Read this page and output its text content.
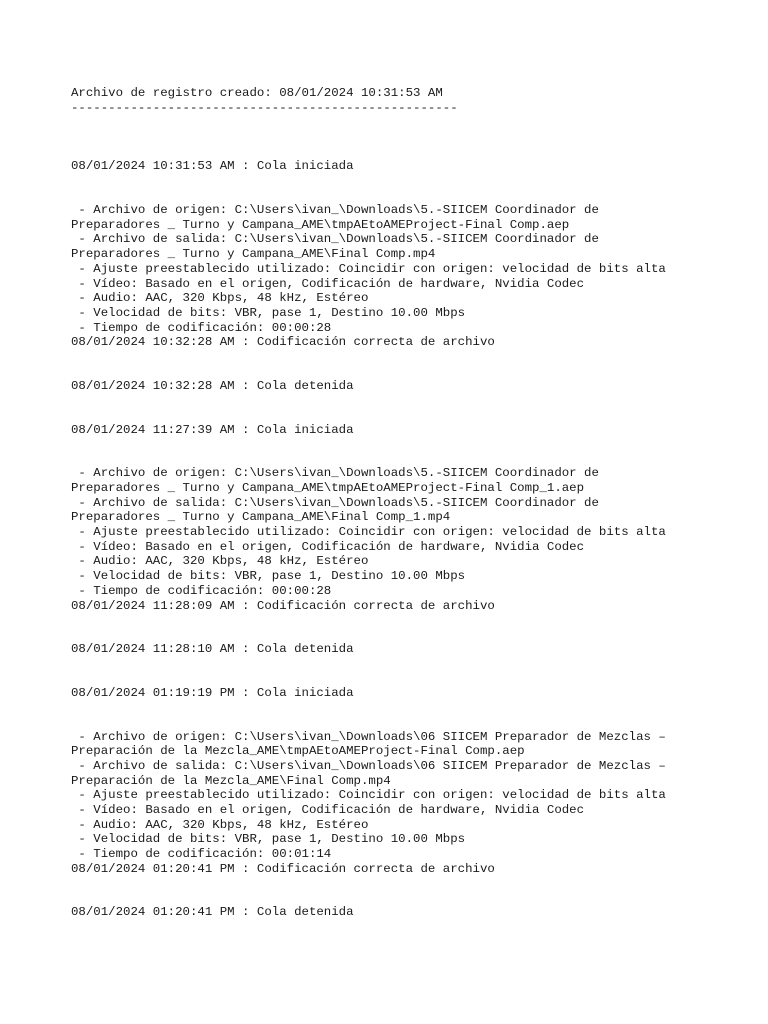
Archivo de registro creado: 08/01/2024 10:31:53 AM
----------------------------------------------------
08/01/2024 10:31:53 AM : Cola iniciada
- Archivo de origen: C:\Users\ivan_\Downloads\5.-SIICEM Coordinador de
Preparadores _ Turno y Campana_AME\tmpAEtoAMEProject-Final Comp.aep
- Archivo de salida: C:\Users\ivan_\Downloads\5.-SIICEM Coordinador de
Preparadores _ Turno y Campana_AME\Final Comp.mp4
- Ajuste preestablecido utilizado: Coincidir con origen: velocidad de bits alta
- Vídeo: Basado en el origen, Codificación de hardware, Nvidia Codec
- Audio: AAC, 320 Kbps, 48 kHz, Estéreo
- Velocidad de bits: VBR, pase 1, Destino 10.00 Mbps
- Tiempo de codificación: 00:00:28
08/01/2024 10:32:28 AM : Codificación correcta de archivo
08/01/2024 10:32:28 AM : Cola detenida
08/01/2024 11:27:39 AM : Cola iniciada
- Archivo de origen: C:\Users\ivan_\Downloads\5.-SIICEM Coordinador de
Preparadores _ Turno y Campana_AME\tmpAEtoAMEProject-Final Comp_1.aep
- Archivo de salida: C:\Users\ivan_\Downloads\5.-SIICEM Coordinador de
Preparadores _ Turno y Campana_AME\Final Comp_1.mp4
- Ajuste preestablecido utilizado: Coincidir con origen: velocidad de bits alta
- Vídeo: Basado en el origen, Codificación de hardware, Nvidia Codec
- Audio: AAC, 320 Kbps, 48 kHz, Estéreo
- Velocidad de bits: VBR, pase 1, Destino 10.00 Mbps
- Tiempo de codificación: 00:00:28
08/01/2024 11:28:09 AM : Codificación correcta de archivo
08/01/2024 11:28:10 AM : Cola detenida
08/01/2024 01:19:19 PM : Cola iniciada
- Archivo de origen: C:\Users\ivan_\Downloads\06 SIICEM Preparador de Mezclas –
Preparación de la Mezcla_AME\tmpAEtoAMEProject-Final Comp.aep
- Archivo de salida: C:\Users\ivan_\Downloads\06 SIICEM Preparador de Mezclas –
Preparación de la Mezcla_AME\Final Comp.mp4
- Ajuste preestablecido utilizado: Coincidir con origen: velocidad de bits alta
- Vídeo: Basado en el origen, Codificación de hardware, Nvidia Codec
- Audio: AAC, 320 Kbps, 48 kHz, Estéreo
- Velocidad de bits: VBR, pase 1, Destino 10.00 Mbps
- Tiempo de codificación: 00:01:14
08/01/2024 01:20:41 PM : Codificación correcta de archivo
08/01/2024 01:20:41 PM : Cola detenida
